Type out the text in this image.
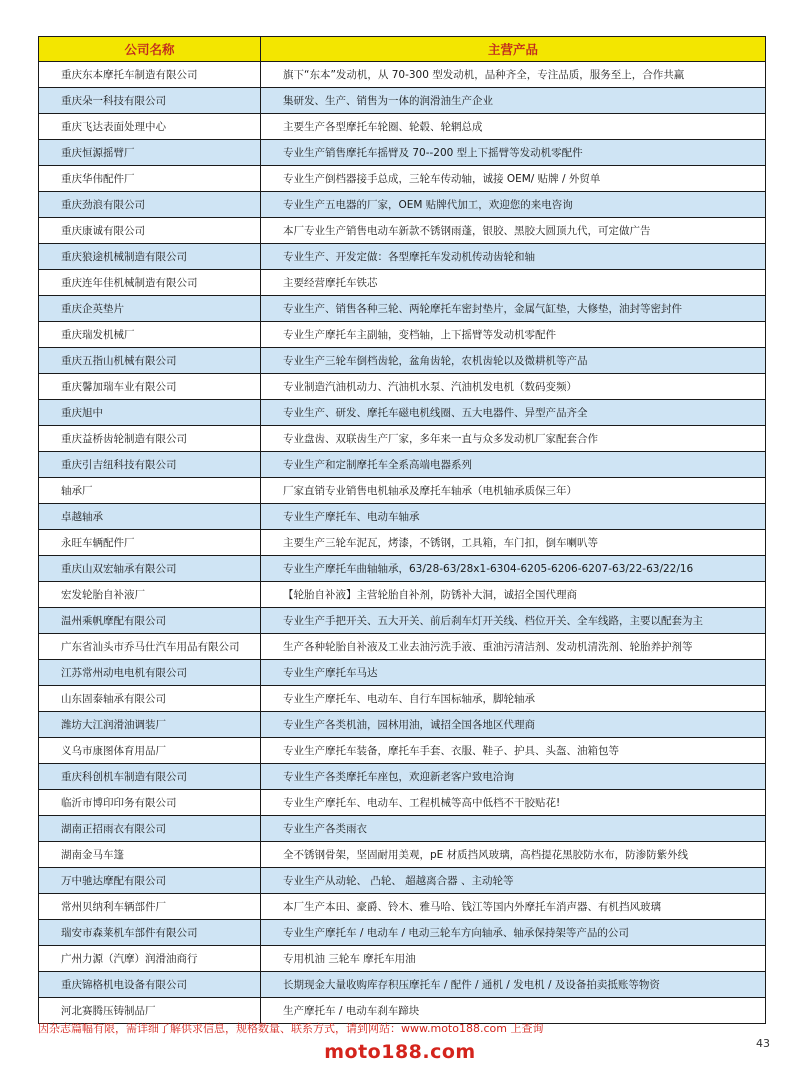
公司名称	主营产品
重庆东本摩托车制造有限公司	旗下“东本”发动机，从 70-300 型发动机，品种齐全，专注品质，服务至上，合作共赢
重庆朵一科技有限公司	集研发、生产、销售为一体的润滑油生产企业
重庆飞达表面处理中心	主要生产各型摩托车轮圈、轮毂、轮辋总成
重庆恒源摇臂厂	专业生产销售摩托车摇臂及 70--200 型上下摇臂等发动机零配件
重庆华伟配件厂	专业生产倒档器接手总成，三轮车传动轴，诚接 OEM/ 贴牌 / 外贸单
重庆劲浪有限公司	专业生产五电器的厂家，OEM 贴牌代加工，欢迎您的来电咨询
重庆康诚有限公司	本厂专业生产销售电动车新款不锈钢雨蓬，银胶、黑胶大圆顶九代，可定做广告
重庆狼途机械制造有限公司	专业生产、开发定做：各型摩托车发动机传动齿轮和轴
重庆连年佳机械制造有限公司	主要经营摩托车铁芯
重庆企英垫片	专业生产、销售各种三轮、两轮摩托车密封垫片，金属气缸垫，大修垫，油封等密封件
重庆瑞发机械厂	专业生产摩托车主副轴，变档轴，上下摇臂等发动机零配件
重庆五指山机械有限公司	专业生产三轮车倒档齿轮，盆角齿轮，农机齿轮以及微耕机等产品
重庆馨加瑞车业有限公司	专业制造汽油机动力、汽油机水泵、汽油机发电机（数码变频）
重庆旭中	专业生产、研发、摩托车磁电机线圈、五大电器件、异型产品齐全
重庆益桥齿轮制造有限公司	专业盘齿、双联齿生产厂家，多年来一直与众多发动机厂家配套合作
重庆引吉纽科技有限公司	专业生产和定制摩托车全系高端电器系列
轴承厂	厂家直销专业销售电机轴承及摩托车轴承（电机轴承质保三年）
卓越轴承	专业生产摩托车、电动车轴承
永旺车辆配件厂	主要生产三轮车泥瓦，烤漆，不锈钢，工具箱，车门扣，倒车喇叭等
重庆山双宏轴承有限公司	专业生产摩托车曲轴轴承，63/28-63/28x1-6304-6205-6206-6207-63/22-63/22/16
宏发轮胎自补液厂	【轮胎自补液】主营轮胎自补剂，防锈补大洞，诚招全国代理商
温州乘帆摩配有限公司	专业生产手把开关、五大开关、前后刹车灯开关线、档位开关、全车线路，主要以配套为主
广东省汕头市乔马仕汽车用品有限公司	生产各种轮胎自补液及工业去油污洗手液、重油污清洁剂、发动机清洗剂、轮胎养护剂等
江苏常州动电电机有限公司	专业生产摩托车马达
山东固泰轴承有限公司	专业生产摩托车、电动车、自行车国标轴承，脚轮轴承
潍坊大江润滑油调装厂	专业生产各类机油，园林用油，诚招全国各地区代理商
义乌市康图体育用品厂	专业生产摩托车装备，摩托车手套、衣服、鞋子、护具、头盔、油箱包等
重庆科创机车制造有限公司	专业生产各类摩托车座包，欢迎新老客户致电洽询
临沂市博印印务有限公司	专业生产摩托车、电动车、工程机械等高中低档不干胶贴花!
湖南正招雨衣有限公司	专业生产各类雨衣
湖南金马车篷	全不锈钢骨架，坚固耐用美观，pE 材质挡风玻璃，高档提花黑胶防水布，防渗防紫外线
万中驰达摩配有限公司	专业生产从动轮、 凸轮、 超越离合器 、主动轮等
常州贝纳利车辆部件厂	本厂生产本田、豪爵、铃木、雅马哈、钱江等国内外摩托车消声器、有机挡风玻璃
瑞安市森莱机车部件有限公司	专业生产摩托车 / 电动车 / 电动三轮车方向轴承、轴承保持架等产品的公司
广州力源（汽摩）润滑油商行	专用机油 三轮车 摩托车用油
重庆锦格机电设备有限公司	长期现金大量收购库存积压摩托车 / 配件 / 通机 / 发电机 / 及设备拍卖抵账等物资
河北赛腾压铸制品厂	生产摩托车 / 电动车刹车蹄块
因杂志篇幅有限，需详细了解供求信息，规格数量、联系方式，请到网站：www.moto188.com 上查询
moto188.com	43
